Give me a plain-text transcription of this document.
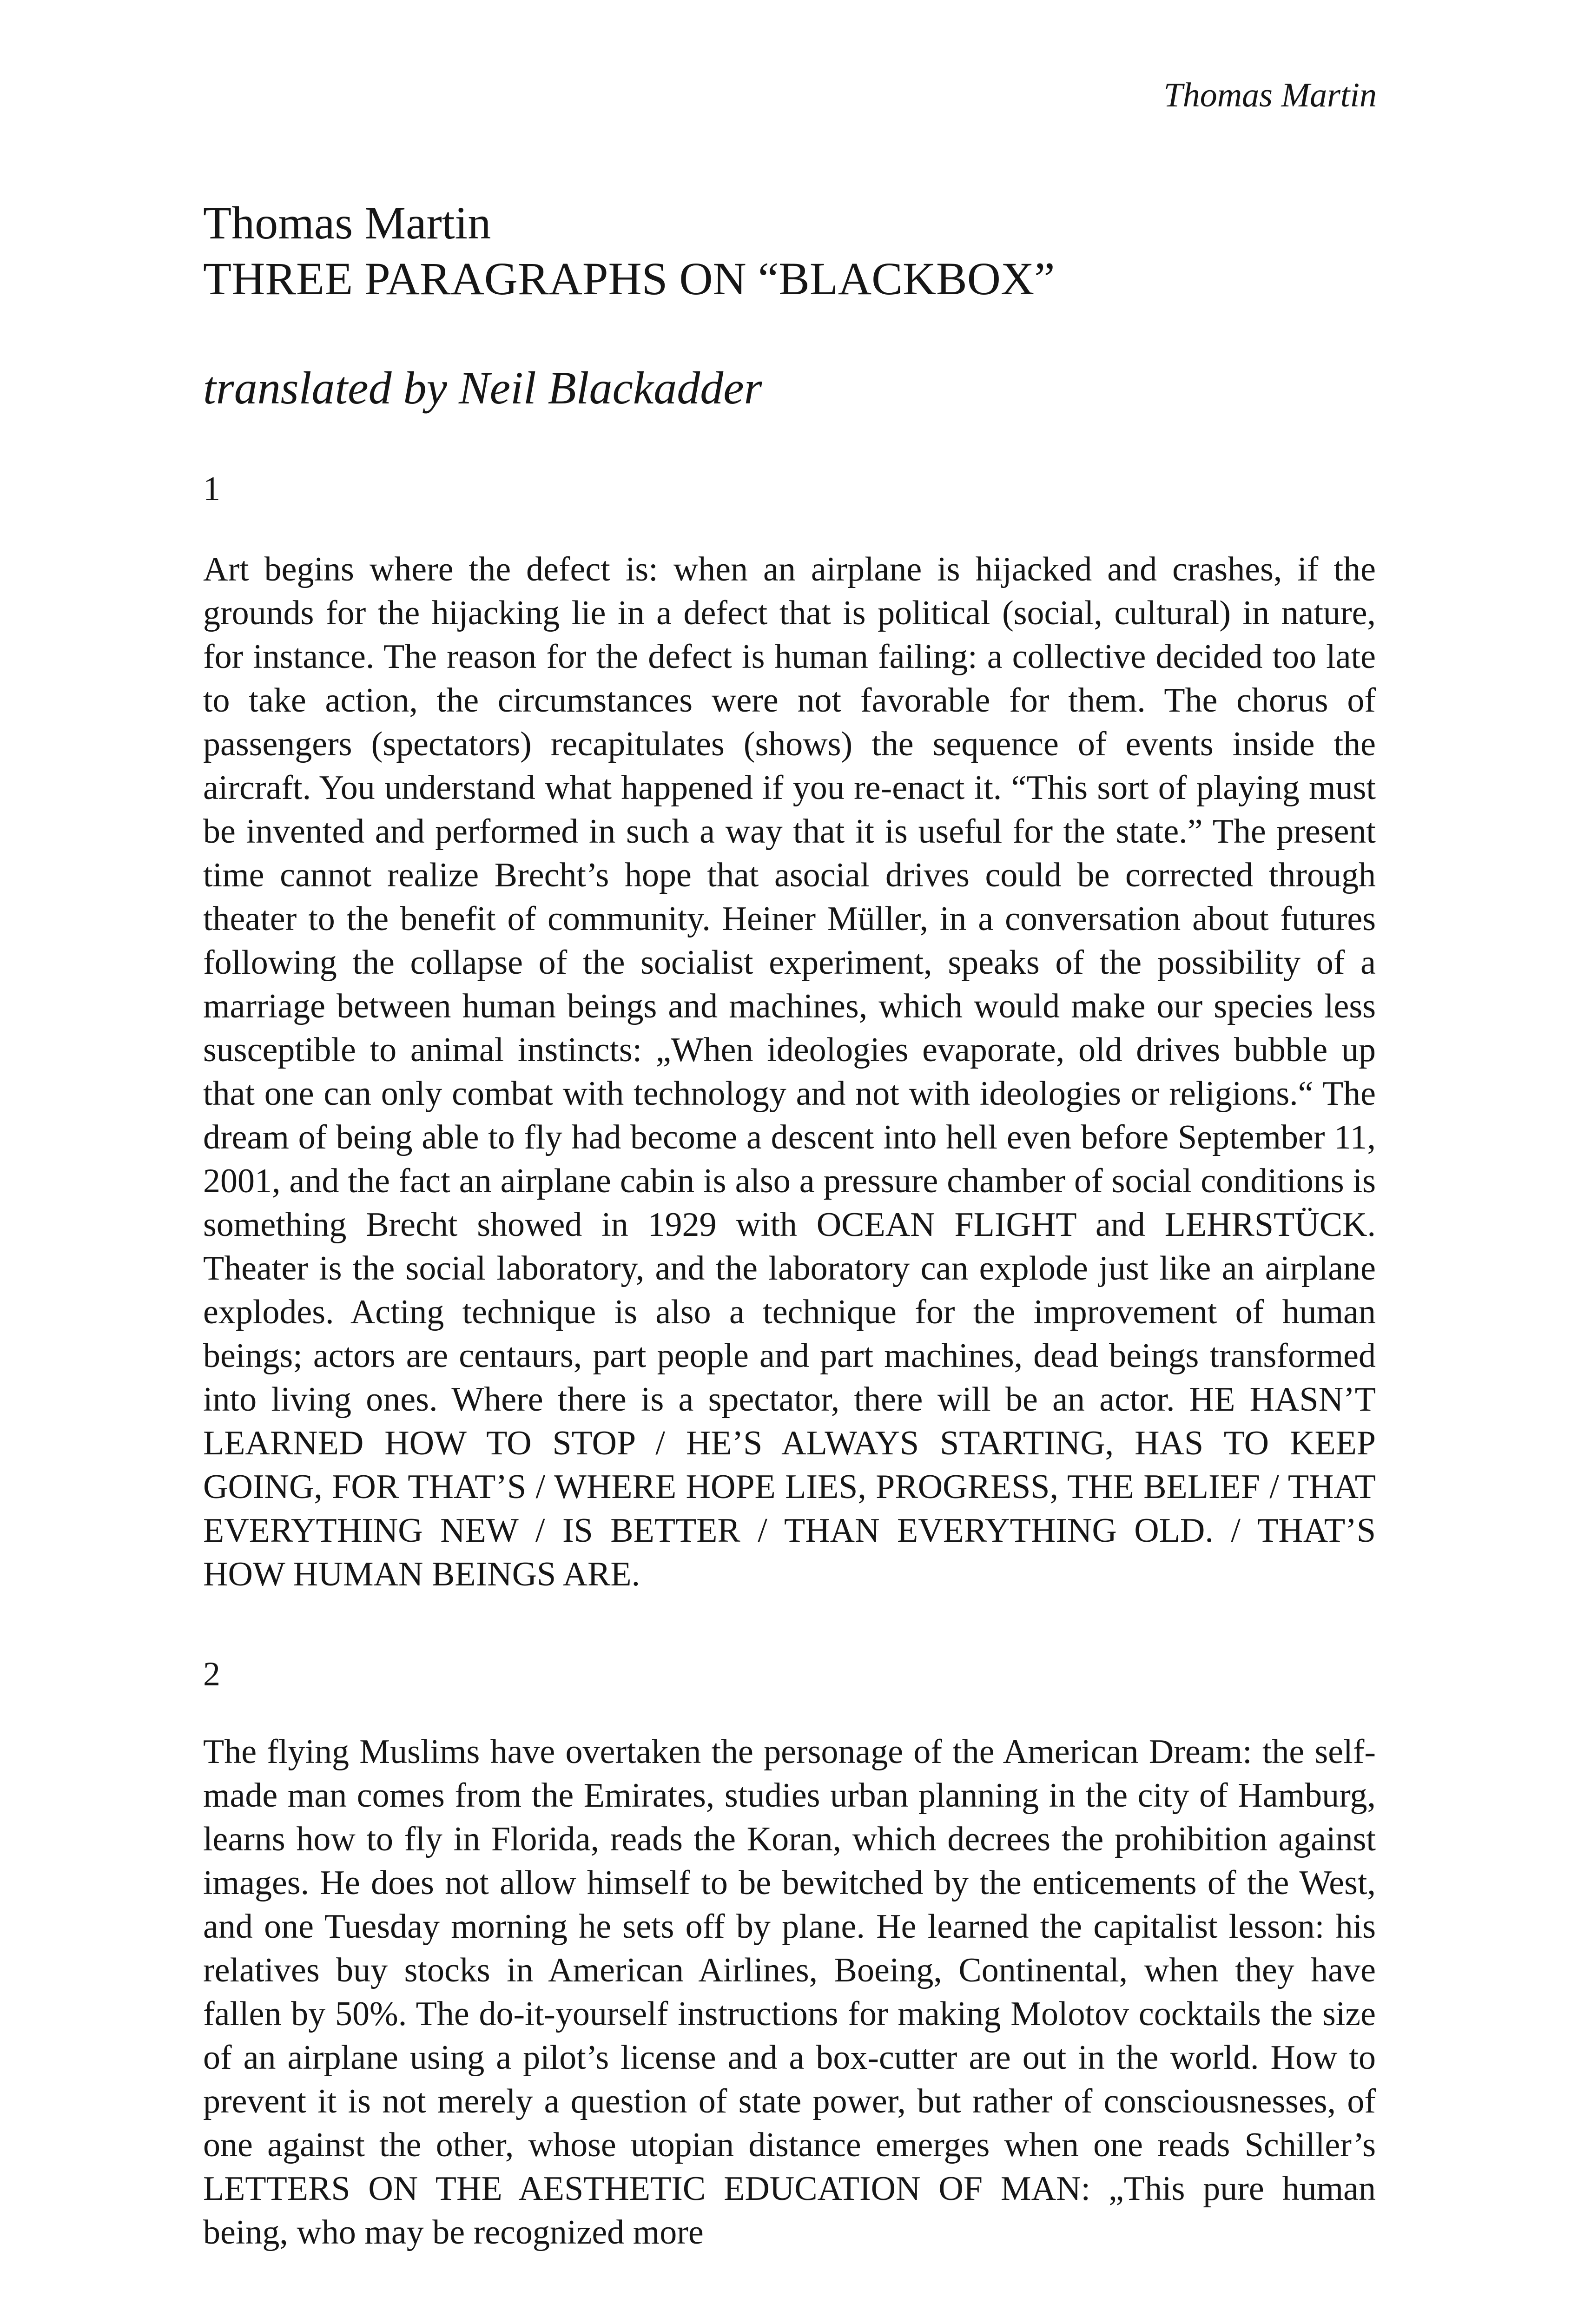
Thomas Martin
Thomas Martin
THREE PARAGRAPHS ON “BLACKBOX”
translated by Neil Blackadder
1

Art begins where the defect is: when an airplane is hijacked and crashes, if the grounds for the hijacking lie in a defect that is political (social, cultural) in nature, for instance. The reason for the defect is human failing: a collective decided too late to take action, the circumstances were not favorable for them. The chorus of passengers (spectators) recapitulates (shows) the sequence of events inside the aircraft. You understand what happened if you re-enact it. “This sort of playing must be invented and performed in such a way that it is useful for the state.” The present time cannot realize Brecht’s hope that asocial drives could be corrected through theater to the benefit of community. Heiner Müller, in a conversation about futures following the collapse of the socialist experiment, speaks of the possibility of a marriage between human beings and machines, which would make our species less susceptible to animal instincts: „When ideologies evaporate, old drives bubble up that one can only combat with technology and not with ideologies or religions.“ The dream of being able to fly had become a descent into hell even before September 11, 2001, and the fact an airplane cabin is also a pressure chamber of social conditions is something Brecht showed in 1929 with OCEAN FLIGHT and LEHRSTÜCK. Theater is the social laboratory, and the laboratory can explode just like an airplane explodes. Acting technique is also a technique for the improvement of human beings; actors are centaurs, part people and part machines, dead beings transformed into living ones. Where there is a spectator, there will be an actor. HE HASN’T LEARNED HOW TO STOP / HE’S ALWAYS STARTING, HAS TO KEEP GOING, FOR THAT’S / WHERE HOPE LIES, PROGRESS, THE BELIEF / THAT EVERYTHING NEW / IS BETTER / THAN EVERYTHING OLD. / THAT’S HOW HUMAN BEINGS ARE.

2

The flying Muslims have overtaken the personage of the American Dream: the self-made man comes from the Emirates, studies urban planning in the city of Hamburg, learns how to fly in Florida, reads the Koran, which decrees the prohibition against images. He does not allow himself to be bewitched by the enticements of the West, and one Tuesday morning he sets off by plane. He learned the capitalist lesson: his relatives buy stocks in American Airlines, Boeing, Continental, when they have fallen by 50%. The do-it-yourself instructions for making Molotov cocktails the size of an airplane using a pilot’s license and a box-cutter are out in the world. How to prevent it is not merely a question of state power, but rather of consciousnesses, of one against the other, whose utopian distance emerges when one reads Schiller’s LETTERS ON THE AESTHETIC EDUCATION OF MAN: „This pure human being, who may be recognized more
